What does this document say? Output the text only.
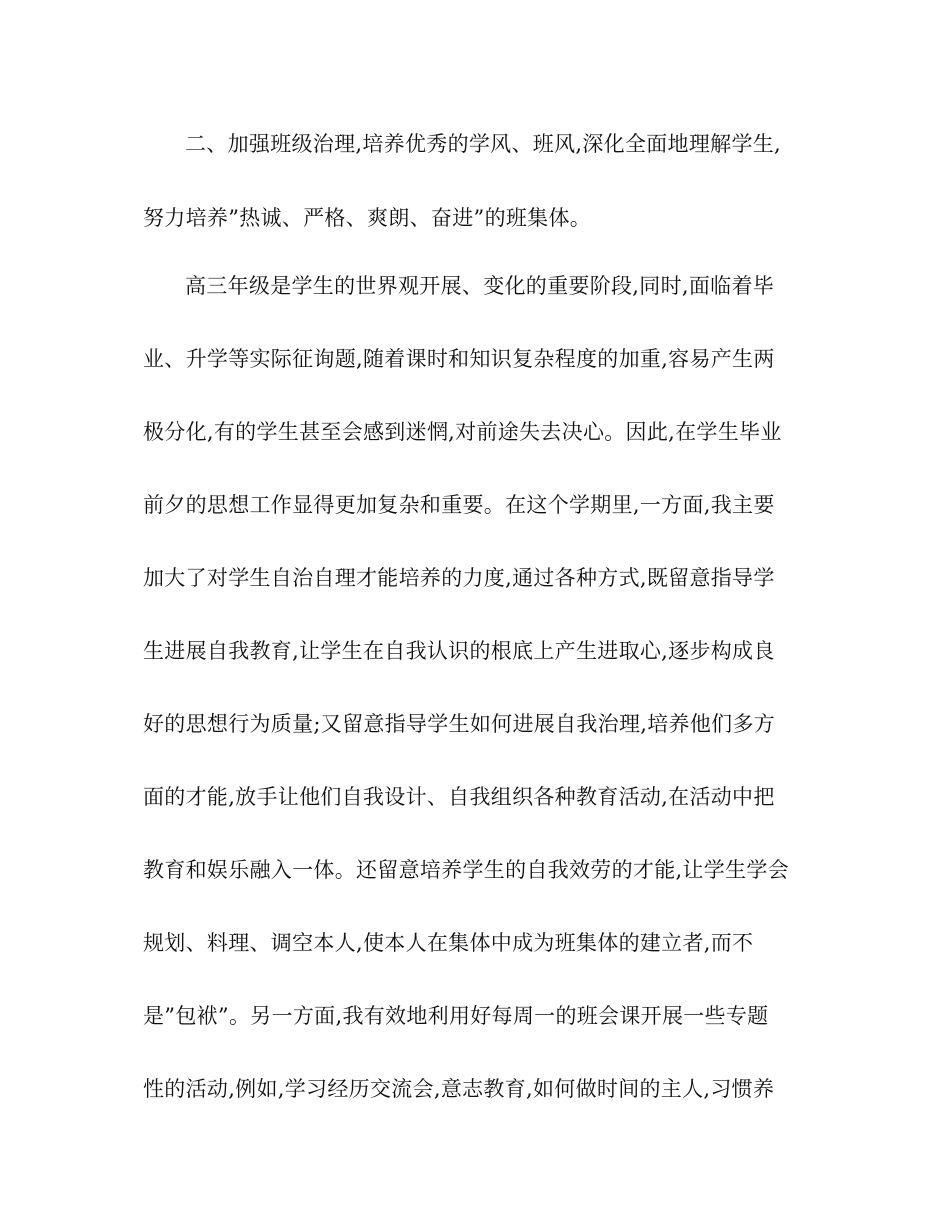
二、加强班级治理,培养优秀的学风、班风,深化全面地理解学生,
努力培养”热诚、严格、爽朗、奋进”的班集体。
高三年级是学生的世界观开展、变化的重要阶段,同时,面临着毕
业、升学等实际征询题,随着课时和知识复杂程度的加重,容易产生两
极分化,有的学生甚至会感到迷惘,对前途失去决心。因此,在学生毕业
前夕的思想工作显得更加复杂和重要。在这个学期里,一方面,我主要
加大了对学生自治自理才能培养的力度,通过各种方式,既留意指导学
生进展自我教育,让学生在自我认识的根底上产生进取心,逐步构成良
好的思想行为质量;又留意指导学生如何进展自我治理,培养他们多方
面的才能,放手让他们自我设计、自我组织各种教育活动,在活动中把
教育和娱乐融入一体。还留意培养学生的自我效劳的才能,让学生学会
规划、料理、调空本人,使本人在集体中成为班集体的建立者,而不
是”包袱”。另一方面,我有效地利用好每周一的班会课开展一些专题
性的活动,例如,学习经历交流会,意志教育,如何做时间的主人,习惯养
